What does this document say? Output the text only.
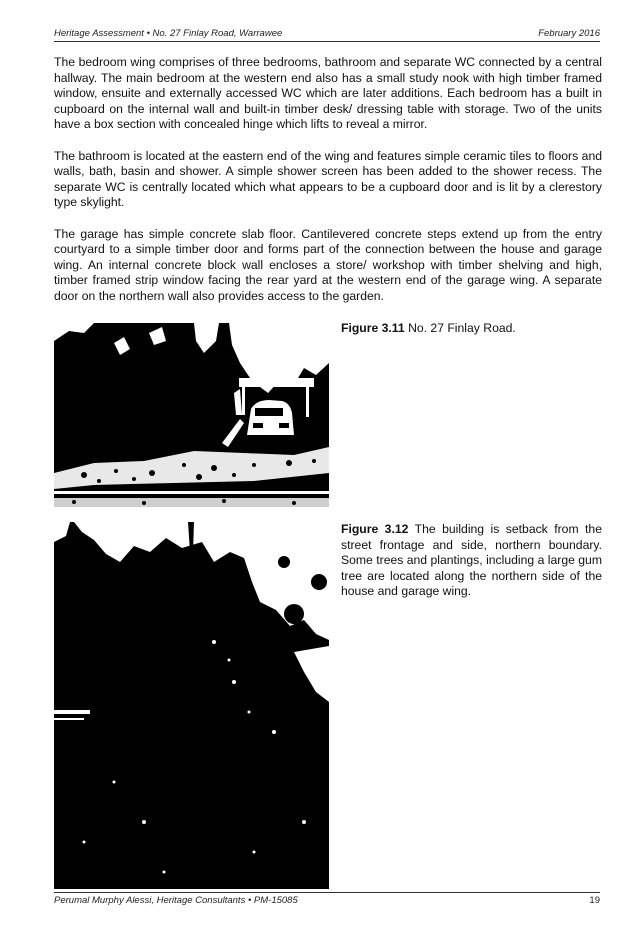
Heritage Assessment • No. 27 Finlay Road, Warrawee	February 2016

The bedroom wing comprises of three bedrooms, bathroom and separate WC connected by a central hallway. The main bedroom at the western end also has a small study nook with high timber framed window, ensuite and externally accessed WC which are later additions. Each bedroom has a built in cupboard on the internal wall and built-in timber desk/ dressing table with storage. Two of the units have a box section with concealed hinge which lifts to reveal a mirror.

The bathroom is located at the eastern end of the wing and features simple ceramic tiles to floors and walls, bath, basin and shower. A simple shower screen has been added to the shower recess. The separate WC is centrally located which what appears to be a cupboard door and is lit by a clerestory type skylight.

The garage has simple concrete slab floor. Cantilevered concrete steps extend up from the entry courtyard to a simple timber door and forms part of the connection between the house and garage wing. An internal concrete block wall encloses a store/ workshop with timber shelving and high, timber framed strip window facing the rear yard at the western end of the garage wing. A separate door on the northern wall also provides access to the garden.

Figure 3.11 No. 27 Finlay Road.
Figure 3.12 The building is setback from the street frontage and side, northern boundary. Some trees and plantings, including a large gum tree are located along the northern side of the house and garage wing.
Perumal Murphy Alessi, Heritage Consultants • PM-15085	19
